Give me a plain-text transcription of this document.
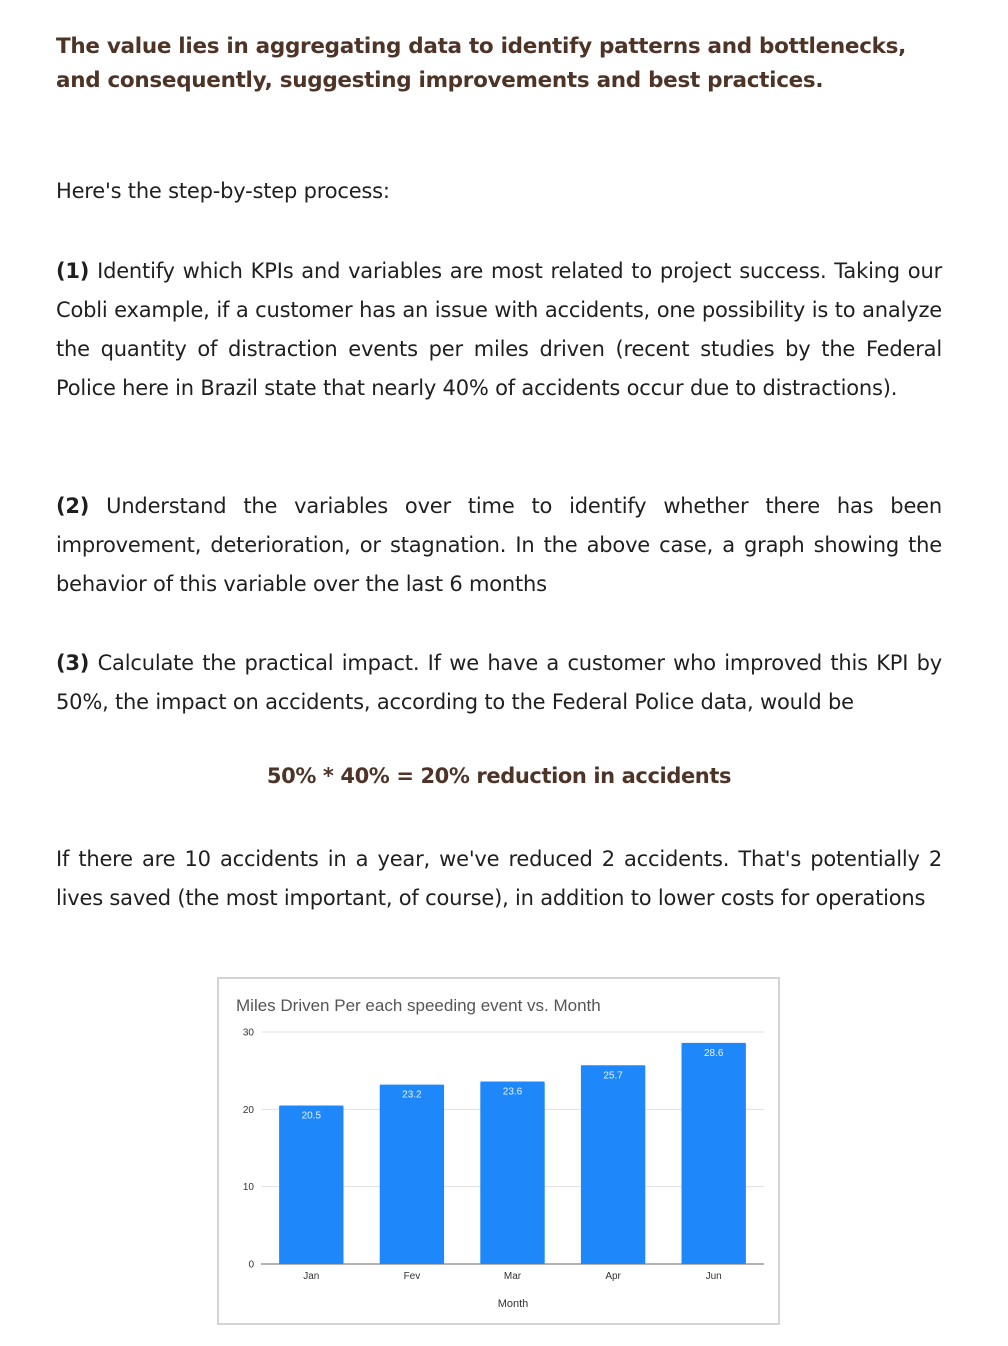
The value lies in aggregating data to identify patterns and bottlenecks, and consequently, suggesting improvements and best practices.
Here's the step-by-step process:
(1) Identify which KPIs and variables are most related to project success. Taking our Cobli example, if a customer has an issue with accidents, one possibility is to analyze the quantity of distraction events per miles driven (recent studies by the Federal Police here in Brazil state that nearly 40% of accidents occur due to distractions).
(2) Understand the variables over time to identify whether there has been improvement, deterioration, or stagnation. In the above case, a graph showing the behavior of this variable over the last 6 months
(3) Calculate the practical impact. If we have a customer who improved this KPI by 50%, the impact on accidents, according to the Federal Police data, would be
50% * 40% = 20% reduction in accidents
If there are 10 accidents in a year, we've reduced 2 accidents. That's potentially 2 lives saved (the most important, of course), in addition to lower costs for operations
Miles Driven Per each speeding event vs. Month
0
10
20
30
20.5
Jan
23.2
Fev
23.6
Mar
25.7
Apr
28.6
Jun
Month
